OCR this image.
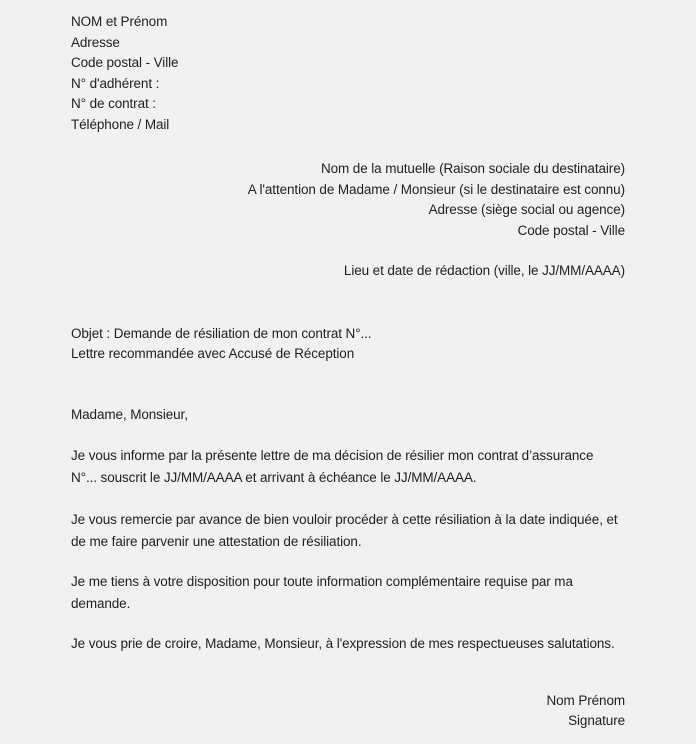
NOM et Prénom
Adresse
Code postal - Ville
N° d'adhérent :
N° de contrat :
Téléphone / Mail
Nom de la mutuelle (Raison sociale du destinataire)
A l'attention de Madame / Monsieur (si le destinataire est connu)
Adresse (siège social ou agence)
Code postal - Ville
Lieu et date de rédaction (ville, le JJ/MM/AAAA)
Objet : Demande de résiliation de mon contrat N°...
Lettre recommandée avec Accusé de Réception
Madame, Monsieur,
Je vous informe par la présente lettre de ma décision de résilier mon contrat d’assurance
N°... souscrit le JJ/MM/AAAA et arrivant à échéance le JJ/MM/AAAA.
Je vous remercie par avance de bien vouloir procéder à cette résiliation à la date indiquée, et
de me faire parvenir une attestation de résiliation.
Je me tiens à votre disposition pour toute information complémentaire requise par ma
demande.
Je vous prie de croire, Madame, Monsieur, à l'expression de mes respectueuses salutations.
Nom Prénom
Signature
